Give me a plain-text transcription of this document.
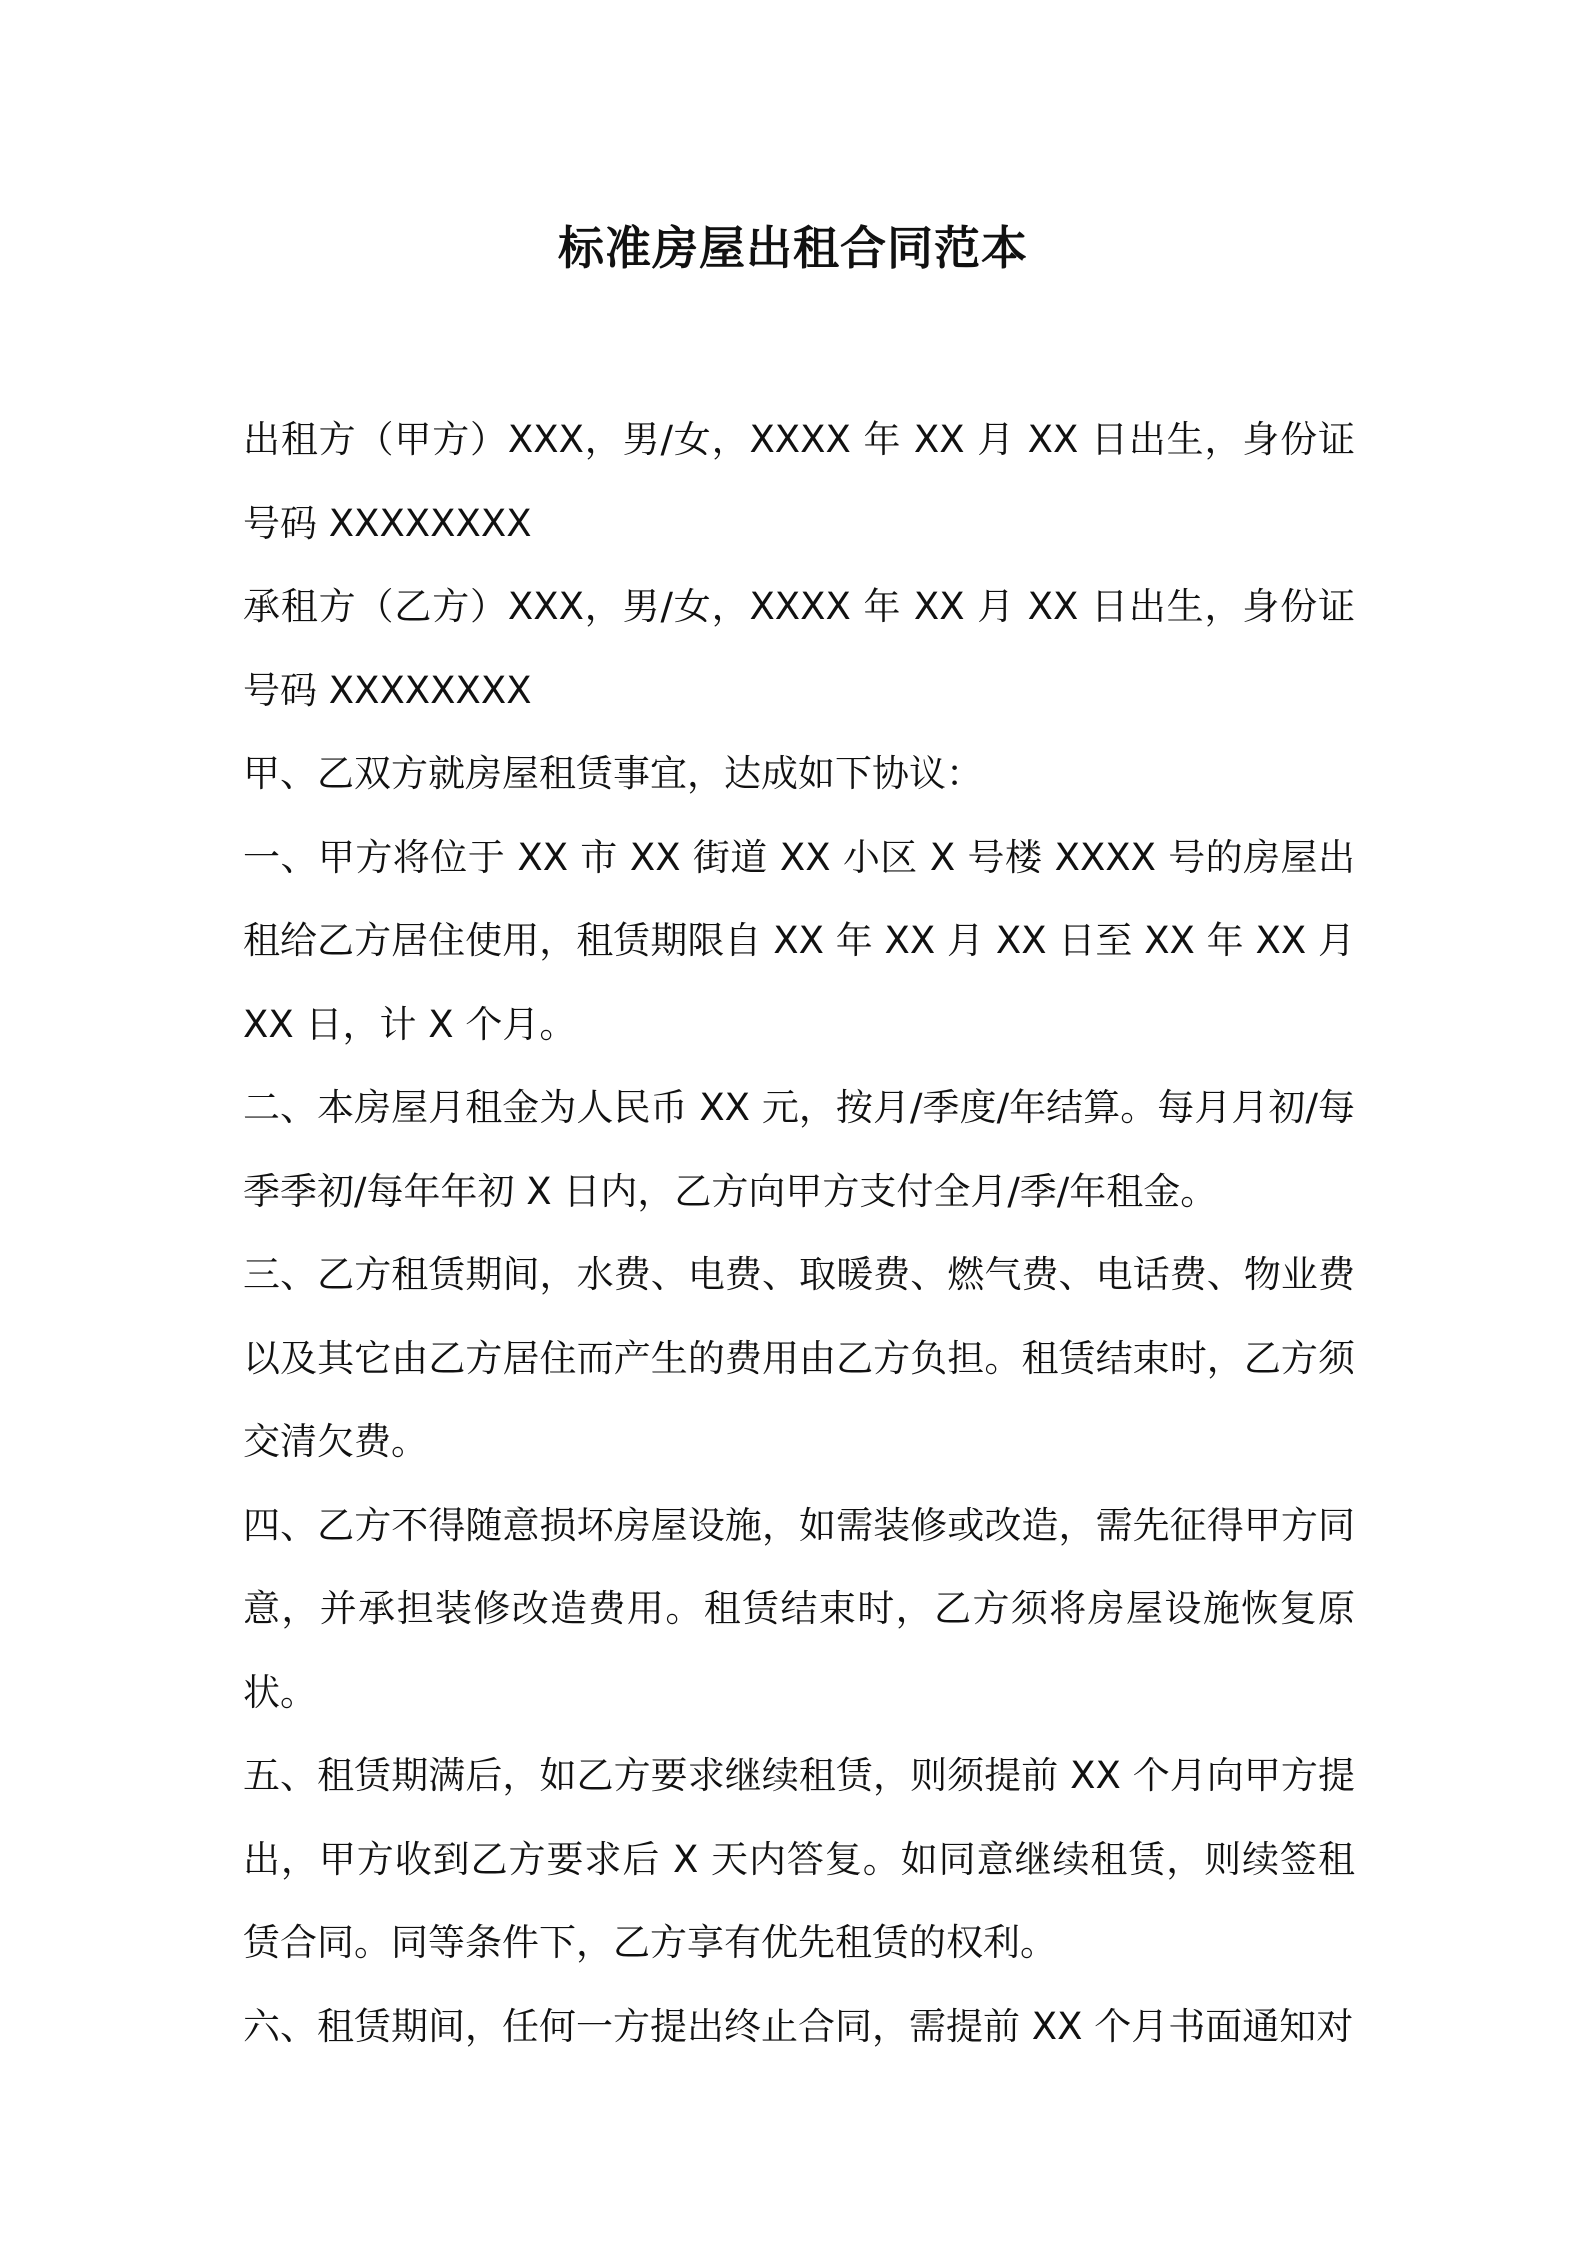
标准房屋出租合同范本

出租方（甲方）XXX，男/女，XXXX 年 XX 月 XX 日出生，身份证号码 XXXXXXXX

承租方（乙方）XXX，男/女，XXXX 年 XX 月 XX 日出生，身份证号码 XXXXXXXX

甲、乙双方就房屋租赁事宜，达成如下协议：

一、甲方将位于 XX 市 XX 街道 XX 小区 X 号楼 XXXX 号的房屋出租给乙方居住使用，租赁期限自 XX 年 XX 月 XX 日至 XX 年 XX 月 XX 日，计 X 个月。

二、本房屋月租金为人民币 XX 元，按月/季度/年结算。每月月初/每季季初/每年年初 X 日内，乙方向甲方支付全月/季/年租金。

三、乙方租赁期间，水费、电费、取暖费、燃气费、电话费、物业费以及其它由乙方居住而产生的费用由乙方负担。租赁结束时，乙方须交清欠费。

四、乙方不得随意损坏房屋设施，如需装修或改造，需先征得甲方同意，并承担装修改造费用。租赁结束时，乙方须将房屋设施恢复原状。

五、租赁期满后，如乙方要求继续租赁，则须提前 XX 个月向甲方提出，甲方收到乙方要求后 X 天内答复。如同意继续租赁，则续签租赁合同。同等条件下，乙方享有优先租赁的权利。

六、租赁期间，任何一方提出终止合同，需提前 XX 个月书面通知对
